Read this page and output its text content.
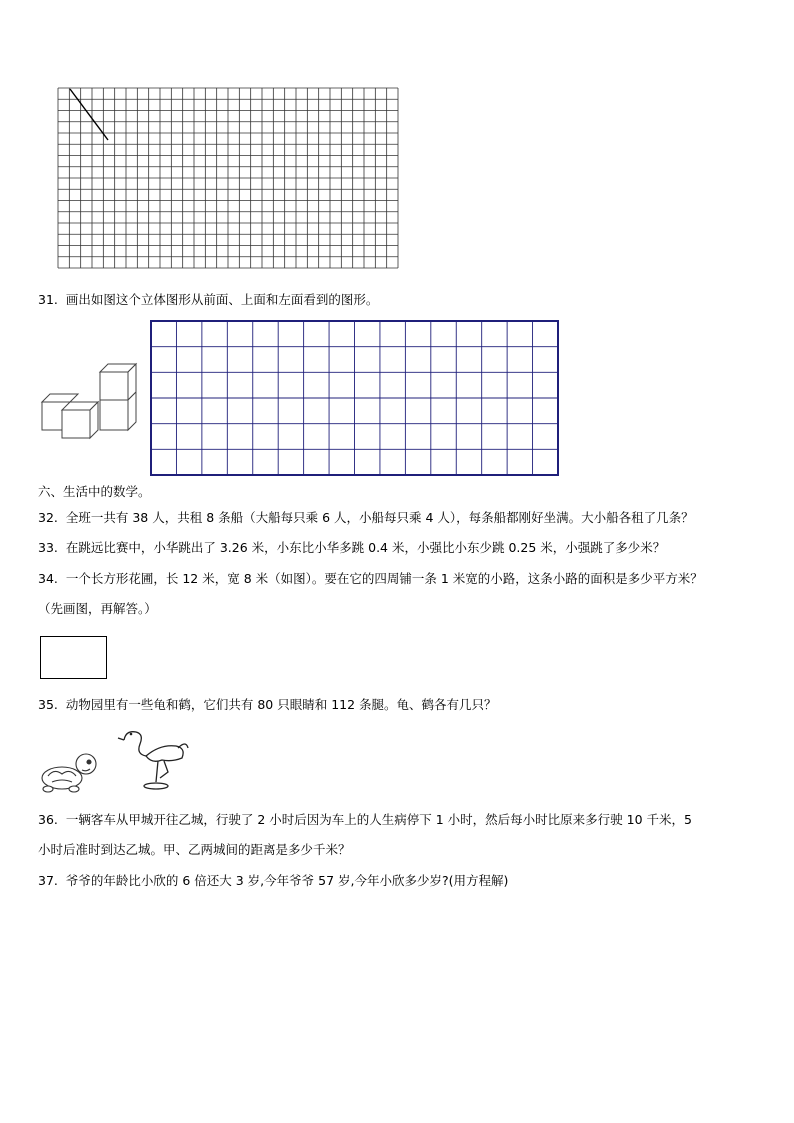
31. 画出如图这个立体图形从前面、上面和左面看到的图形。
六、生活中的数学。
32. 全班一共有 38 人，共租 8 条船（大船每只乘 6 人，小船每只乘 4 人），每条船都刚好坐满。大小船各租了几条？
33. 在跳远比赛中，小华跳出了 3.26 米，小东比小华多跳 0.4 米，小强比小东少跳 0.25 米，小强跳了多少米？
34. 一个长方形花圃，长 12 米，宽 8 米（如图）。要在它的四周铺一条 1 米宽的小路，这条小路的面积是多少平方米？
（先画图，再解答。）
35. 动物园里有一些龟和鹤，它们共有 80 只眼睛和 112 条腿。龟、鹤各有几只？
36. 一辆客车从甲城开往乙城，行驶了 2 小时后因为车上的人生病停下 1 小时，然后每小时比原来多行驶 10 千米，5
小时后准时到达乙城。甲、乙两城间的距离是多少千米？
37. 爷爷的年龄比小欣的 6 倍还大 3 岁,今年爷爷 57 岁,今年小欣多少岁?(用方程解)
